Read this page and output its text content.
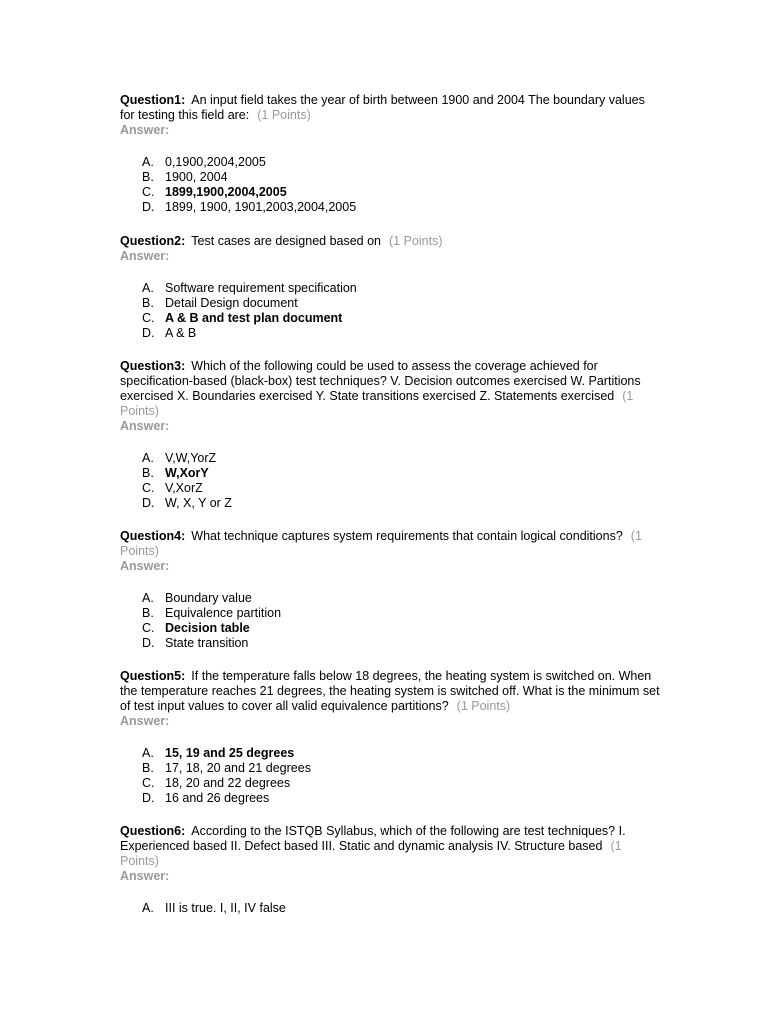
Question1: An input field takes the year of birth between 1900 and 2004 The boundary values for testing this field are: (1 Points)

Answer:

A. 0,1900,2004,2005
B. 1900, 2004
C. 1899,1900,2004,2005
D. 1899, 1900, 1901,2003,2004,2005

Question2: Test cases are designed based on (1 Points)

Answer:

A. Software requirement specification
B. Detail Design document
C. A & B and test plan document
D. A & B

Question3: Which of the following could be used to assess the coverage achieved for specification-based (black-box) test techniques? V. Decision outcomes exercised W. Partitions exercised X. Boundaries exercised Y. State transitions exercised Z. Statements exercised (1 Points)

Answer:

A. V,W,YorZ
B. W,XorY
C. V,XorZ
D. W, X, Y or Z

Question4: What technique captures system requirements that contain logical conditions? (1 Points)

Answer:

A. Boundary value
B. Equivalence partition
C. Decision table
D. State transition

Question5: If the temperature falls below 18 degrees, the heating system is switched on. When the temperature reaches 21 degrees, the heating system is switched off. What is the minimum set of test input values to cover all valid equivalence partitions? (1 Points)

Answer:

A. 15, 19 and 25 degrees
B. 17, 18, 20 and 21 degrees
C. 18, 20 and 22 degrees
D. 16 and 26 degrees

Question6: According to the ISTQB Syllabus, which of the following are test techniques? I. Experienced based II. Defect based III. Static and dynamic analysis IV. Structure based (1 Points)

Answer:

A. III is true. I, II, IV false
